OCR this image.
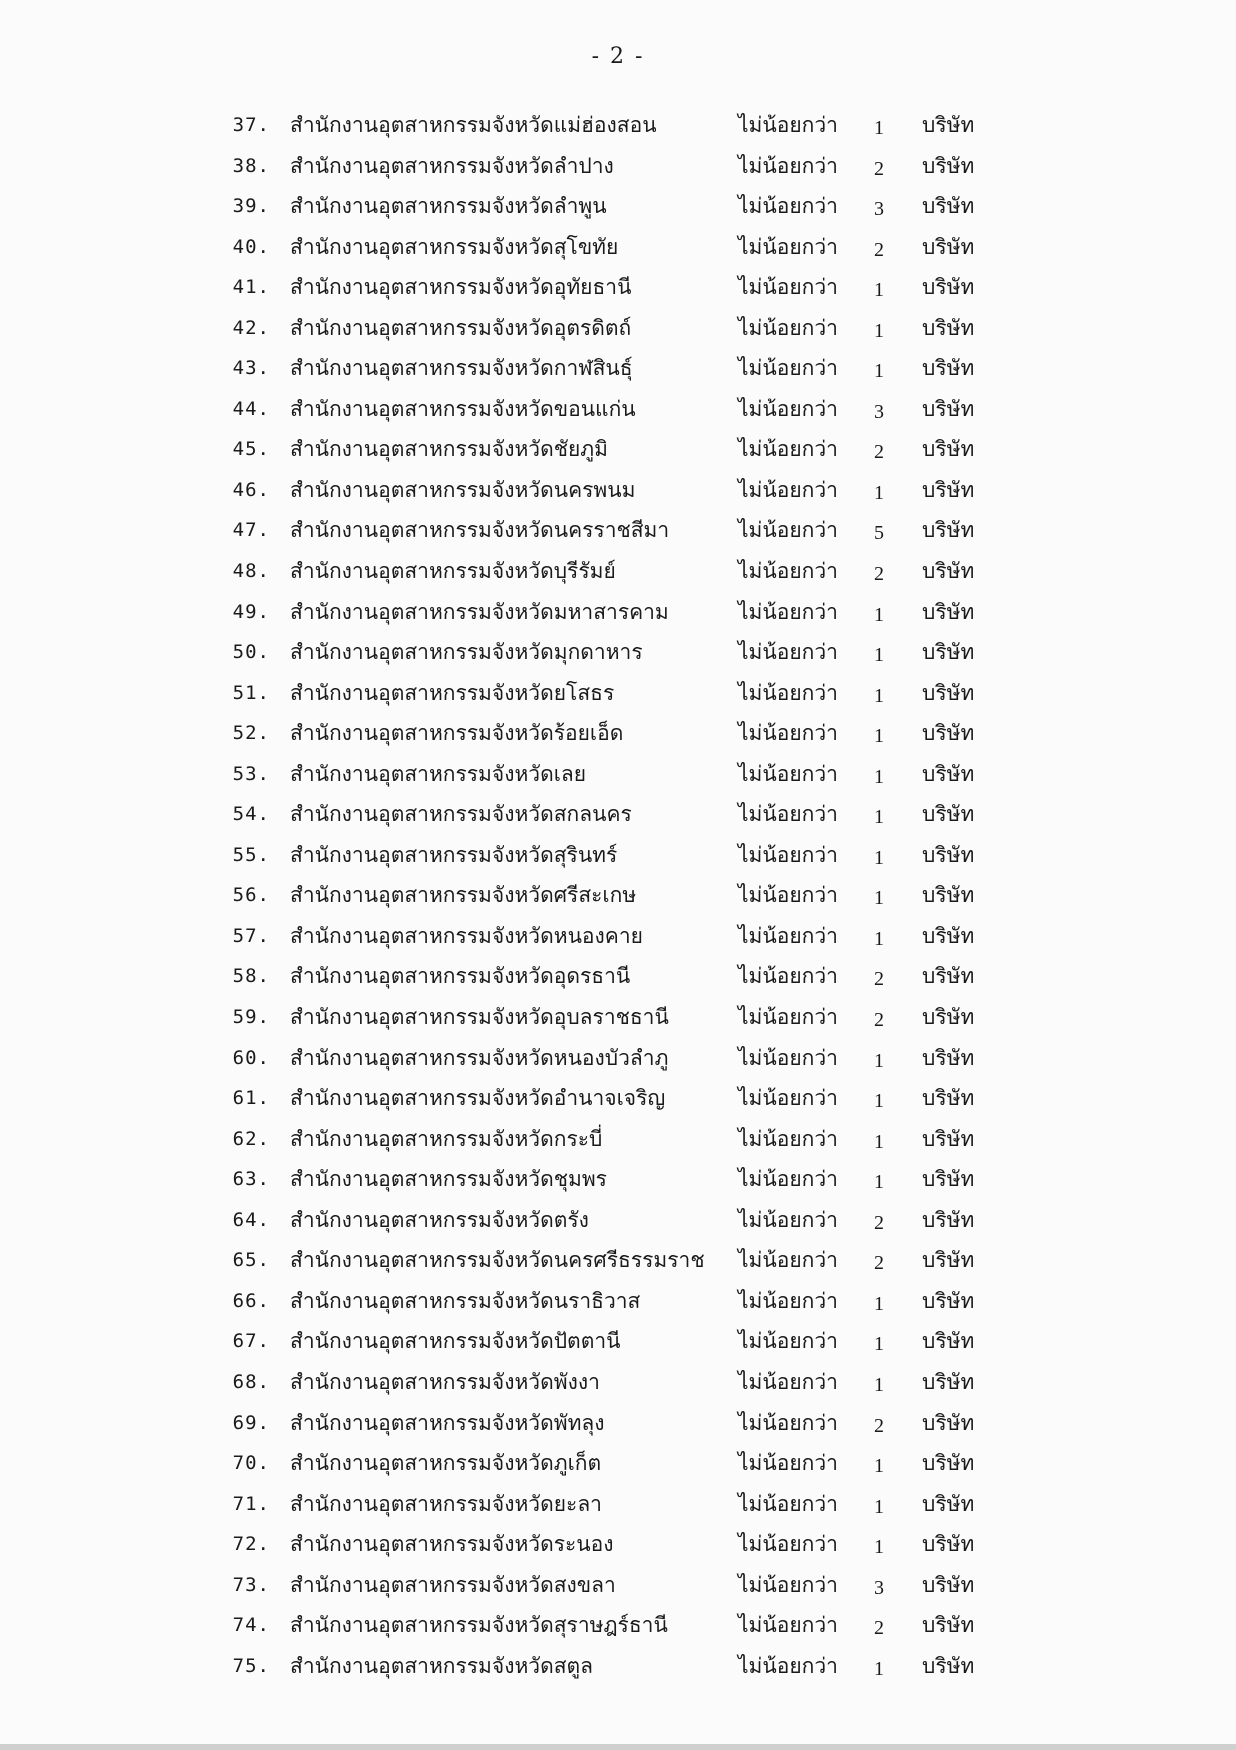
- 2 -
37. สำนักงานอุตสาหกรรมจังหวัดแม่ฮ่องสอน	ไม่น้อยกว่า	1 บริษัท
38. สำนักงานอุตสาหกรรมจังหวัดลำปาง	ไม่น้อยกว่า	2 บริษัท
39. สำนักงานอุตสาหกรรมจังหวัดลำพูน	ไม่น้อยกว่า	3 บริษัท
40. สำนักงานอุตสาหกรรมจังหวัดสุโขทัย	ไม่น้อยกว่า	2 บริษัท
41. สำนักงานอุตสาหกรรมจังหวัดอุทัยธานี	ไม่น้อยกว่า	1 บริษัท
42. สำนักงานอุตสาหกรรมจังหวัดอุตรดิตถ์	ไม่น้อยกว่า	1 บริษัท
43. สำนักงานอุตสาหกรรมจังหวัดกาฬสินธุ์	ไม่น้อยกว่า	1 บริษัท
44. สำนักงานอุตสาหกรรมจังหวัดขอนแก่น	ไม่น้อยกว่า	3 บริษัท
45. สำนักงานอุตสาหกรรมจังหวัดชัยภูมิ	ไม่น้อยกว่า	2 บริษัท
46. สำนักงานอุตสาหกรรมจังหวัดนครพนม	ไม่น้อยกว่า	1 บริษัท
47. สำนักงานอุตสาหกรรมจังหวัดนครราชสีมา	ไม่น้อยกว่า	5 บริษัท
48. สำนักงานอุตสาหกรรมจังหวัดบุรีรัมย์	ไม่น้อยกว่า	2 บริษัท
49. สำนักงานอุตสาหกรรมจังหวัดมหาสารคาม	ไม่น้อยกว่า	1 บริษัท
50. สำนักงานอุตสาหกรรมจังหวัดมุกดาหาร	ไม่น้อยกว่า	1 บริษัท
51. สำนักงานอุตสาหกรรมจังหวัดยโสธร	ไม่น้อยกว่า	1 บริษัท
52. สำนักงานอุตสาหกรรมจังหวัดร้อยเอ็ด	ไม่น้อยกว่า	1 บริษัท
53. สำนักงานอุตสาหกรรมจังหวัดเลย	ไม่น้อยกว่า	1 บริษัท
54. สำนักงานอุตสาหกรรมจังหวัดสกลนคร	ไม่น้อยกว่า	1 บริษัท
55. สำนักงานอุตสาหกรรมจังหวัดสุรินทร์	ไม่น้อยกว่า	1 บริษัท
56. สำนักงานอุตสาหกรรมจังหวัดศรีสะเกษ	ไม่น้อยกว่า	1 บริษัท
57. สำนักงานอุตสาหกรรมจังหวัดหนองคาย	ไม่น้อยกว่า	1 บริษัท
58. สำนักงานอุตสาหกรรมจังหวัดอุดรธานี	ไม่น้อยกว่า	2 บริษัท
59. สำนักงานอุตสาหกรรมจังหวัดอุบลราชธานี	ไม่น้อยกว่า	2 บริษัท
60. สำนักงานอุตสาหกรรมจังหวัดหนองบัวลำภู	ไม่น้อยกว่า	1 บริษัท
61. สำนักงานอุตสาหกรรมจังหวัดอำนาจเจริญ	ไม่น้อยกว่า	1 บริษัท
62. สำนักงานอุตสาหกรรมจังหวัดกระบี่	ไม่น้อยกว่า	1 บริษัท
63. สำนักงานอุตสาหกรรมจังหวัดชุมพร	ไม่น้อยกว่า	1 บริษัท
64. สำนักงานอุตสาหกรรมจังหวัดตรัง	ไม่น้อยกว่า	2 บริษัท
65. สำนักงานอุตสาหกรรมจังหวัดนครศรีธรรมราช	ไม่น้อยกว่า	2 บริษัท
66. สำนักงานอุตสาหกรรมจังหวัดนราธิวาส	ไม่น้อยกว่า	1 บริษัท
67. สำนักงานอุตสาหกรรมจังหวัดปัตตานี	ไม่น้อยกว่า	1 บริษัท
68. สำนักงานอุตสาหกรรมจังหวัดพังงา	ไม่น้อยกว่า	1 บริษัท
69. สำนักงานอุตสาหกรรมจังหวัดพัทลุง	ไม่น้อยกว่า	2 บริษัท
70. สำนักงานอุตสาหกรรมจังหวัดภูเก็ต	ไม่น้อยกว่า	1 บริษัท
71. สำนักงานอุตสาหกรรมจังหวัดยะลา	ไม่น้อยกว่า	1 บริษัท
72. สำนักงานอุตสาหกรรมจังหวัดระนอง	ไม่น้อยกว่า	1 บริษัท
73. สำนักงานอุตสาหกรรมจังหวัดสงขลา	ไม่น้อยกว่า	3 บริษัท
74. สำนักงานอุตสาหกรรมจังหวัดสุราษฎร์ธานี	ไม่น้อยกว่า	2 บริษัท
75. สำนักงานอุตสาหกรรมจังหวัดสตูล	ไม่น้อยกว่า	1 บริษัท
